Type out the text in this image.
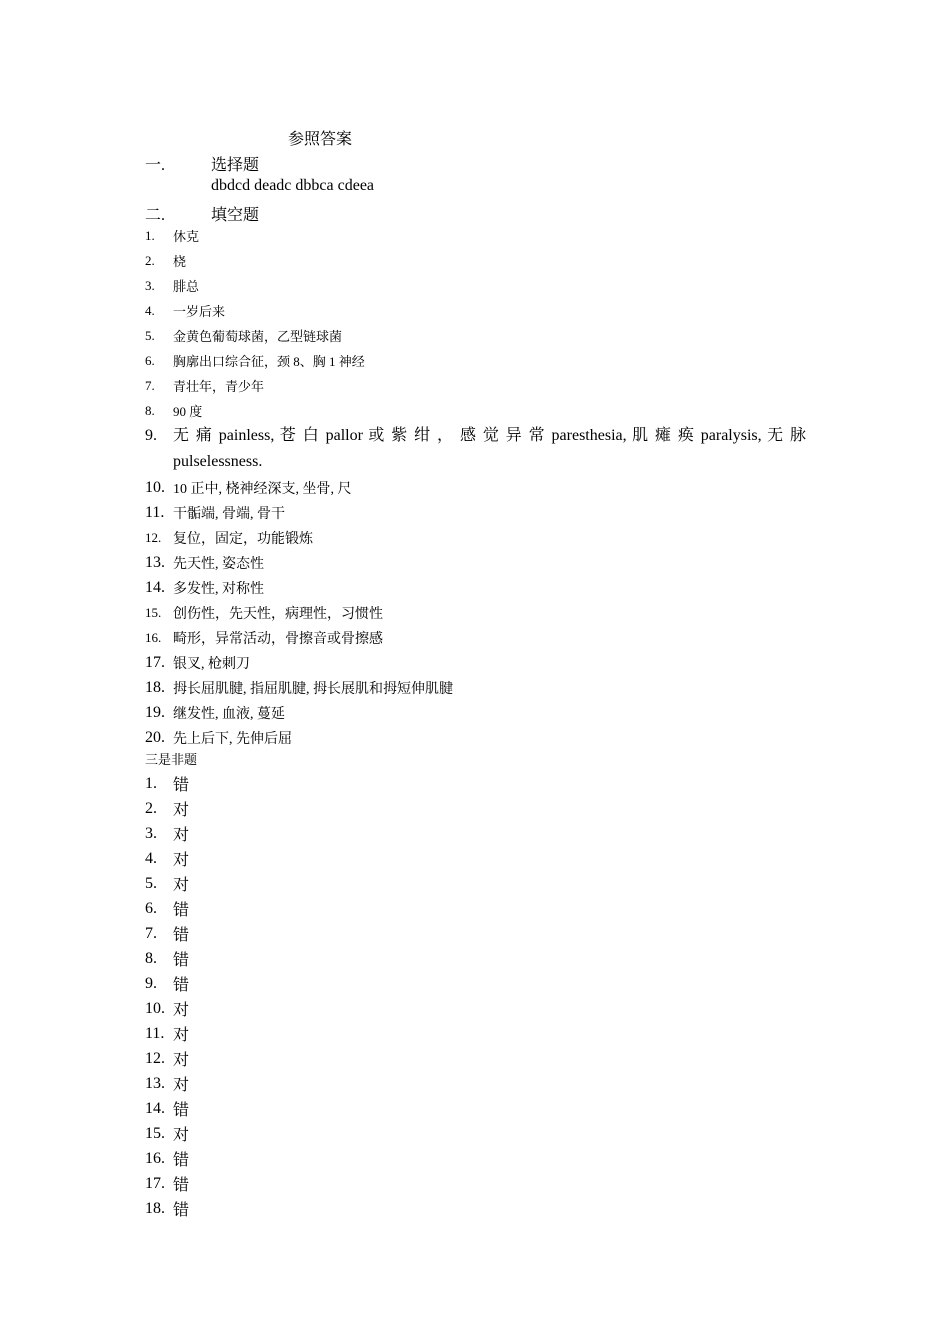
参照答案
一.	选择题
dbdcd deadc dbbca cdeea
二.	填空题
1.	休克
2.	桡
3.	腓总
4.	一岁后来
5.	金黄色葡萄球菌，乙型链球菌
6.	胸廓出口综合征，颈 8、胸 1 神经
7.	青壮年，青少年
8.	90 度
9.	无 痛 painless, 苍 白 pallor 或 紫 绀 ， 感 觉 异 常 paresthesia, 肌 瘫 痪 paralysis, 无 脉 pulselessness.
10. 10 正中, 桡神经深支, 坐骨, 尺
11. 干骺端, 骨端, 骨干
12. 复位，固定，功能锻炼
13. 先天性, 姿态性
14. 多发性, 对称性
15. 创伤性，先天性，病理性，习惯性
16. 畸形，异常活动，骨擦音或骨擦感
17. 银叉, 枪刺刀
18. 拇长屈肌腱, 指屈肌腱, 拇长展肌和拇短伸肌腱
19. 继发性, 血液, 蔓延
20. 先上后下, 先伸后屈
三是非题
1.	错
2.	对
3.	对
4.	对
5.	对
6.	错
7.	错
8.	错
9.	错
10. 对
11. 对
12. 对
13. 对
14. 错
15. 对
16. 错
17. 错
18. 错
